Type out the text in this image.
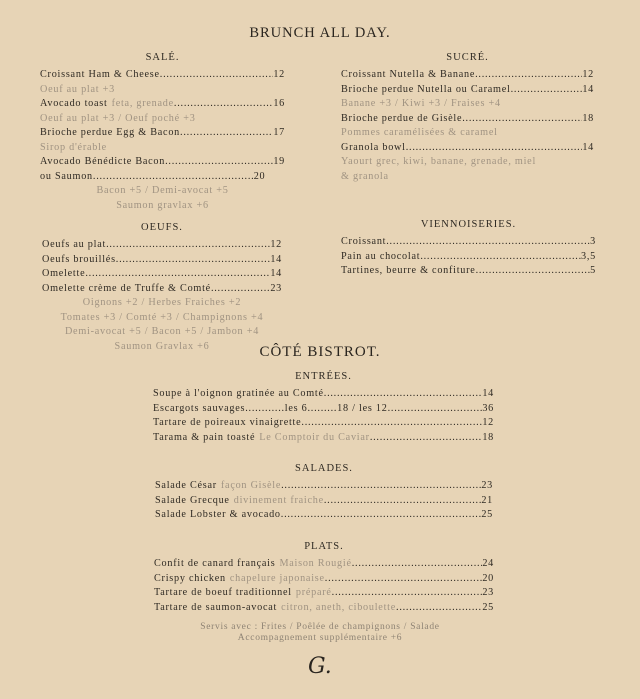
BRUNCH ALL DAY.
SALÉ.
Croissant Ham & Cheese .....	12
Oeuf au plat +3
Avocado toast feta, grenade .....	16
Oeuf au plat +3 / Oeuf poché +3
Brioche perdue Egg & Bacon .....	17
Sirop d'érable
Avocado Bénédicte Bacon .....	19
ou Saumon .....	20
Bacon +5 / Demi-avocat +5
Saumon gravlax +6
OEUFS.
Oeufs au plat .....	12
Oeufs brouillés .....	14
Omelette .....	14
Omelette crème de Truffe & Comté .....	23
Oignons +2 / Herbes Fraiches +2
Tomates +3 / Comté +3 / Champignons +4
Demi-avocat +5 / Bacon +5 / Jambon +4
Saumon Gravlax +6
SUCRÉ.
Croissant Nutella & Banane .....	12
Brioche perdue Nutella ou Caramel .....	14
Banane +3 / Kiwi +3 / Fraises +4
Brioche perdue de Gisèle .....	18
Pommes caramélisées & caramel
Granola bowl .....	14
Yaourt grec, kiwi, banane, grenade, miel
& granola
VIENNOISERIES.
Croissant .....	3
Pain au chocolat .....	3,5
Tartines, beurre & confiture .....	5
CÔTÉ BISTROT.
ENTRÉES.
Soupe à l'oignon gratinée au Comté .....	14
Escargots sauvages............les 6.........18 / les 12 .....	36
Tartare de poireaux vinaigrette .....	12
Tarama & pain toasté Le Comptoir du Caviar .....	18
SALADES.
Salade César façon Gisèle .....	23
Salade Grecque divinement fraiche .....	21
Salade Lobster & avocado .....	25
PLATS.
Confit de canard français Maison Rougié .....	24
Crispy chicken chapelure japonaise .....	20
Tartare de boeuf traditionnel préparé .....	23
Tartare de saumon-avocat citron, aneth, ciboulette .....	25
Servis avec : Frites / Poêlée de champignons / Salade
Accompagnement supplémentaire +6
G.
